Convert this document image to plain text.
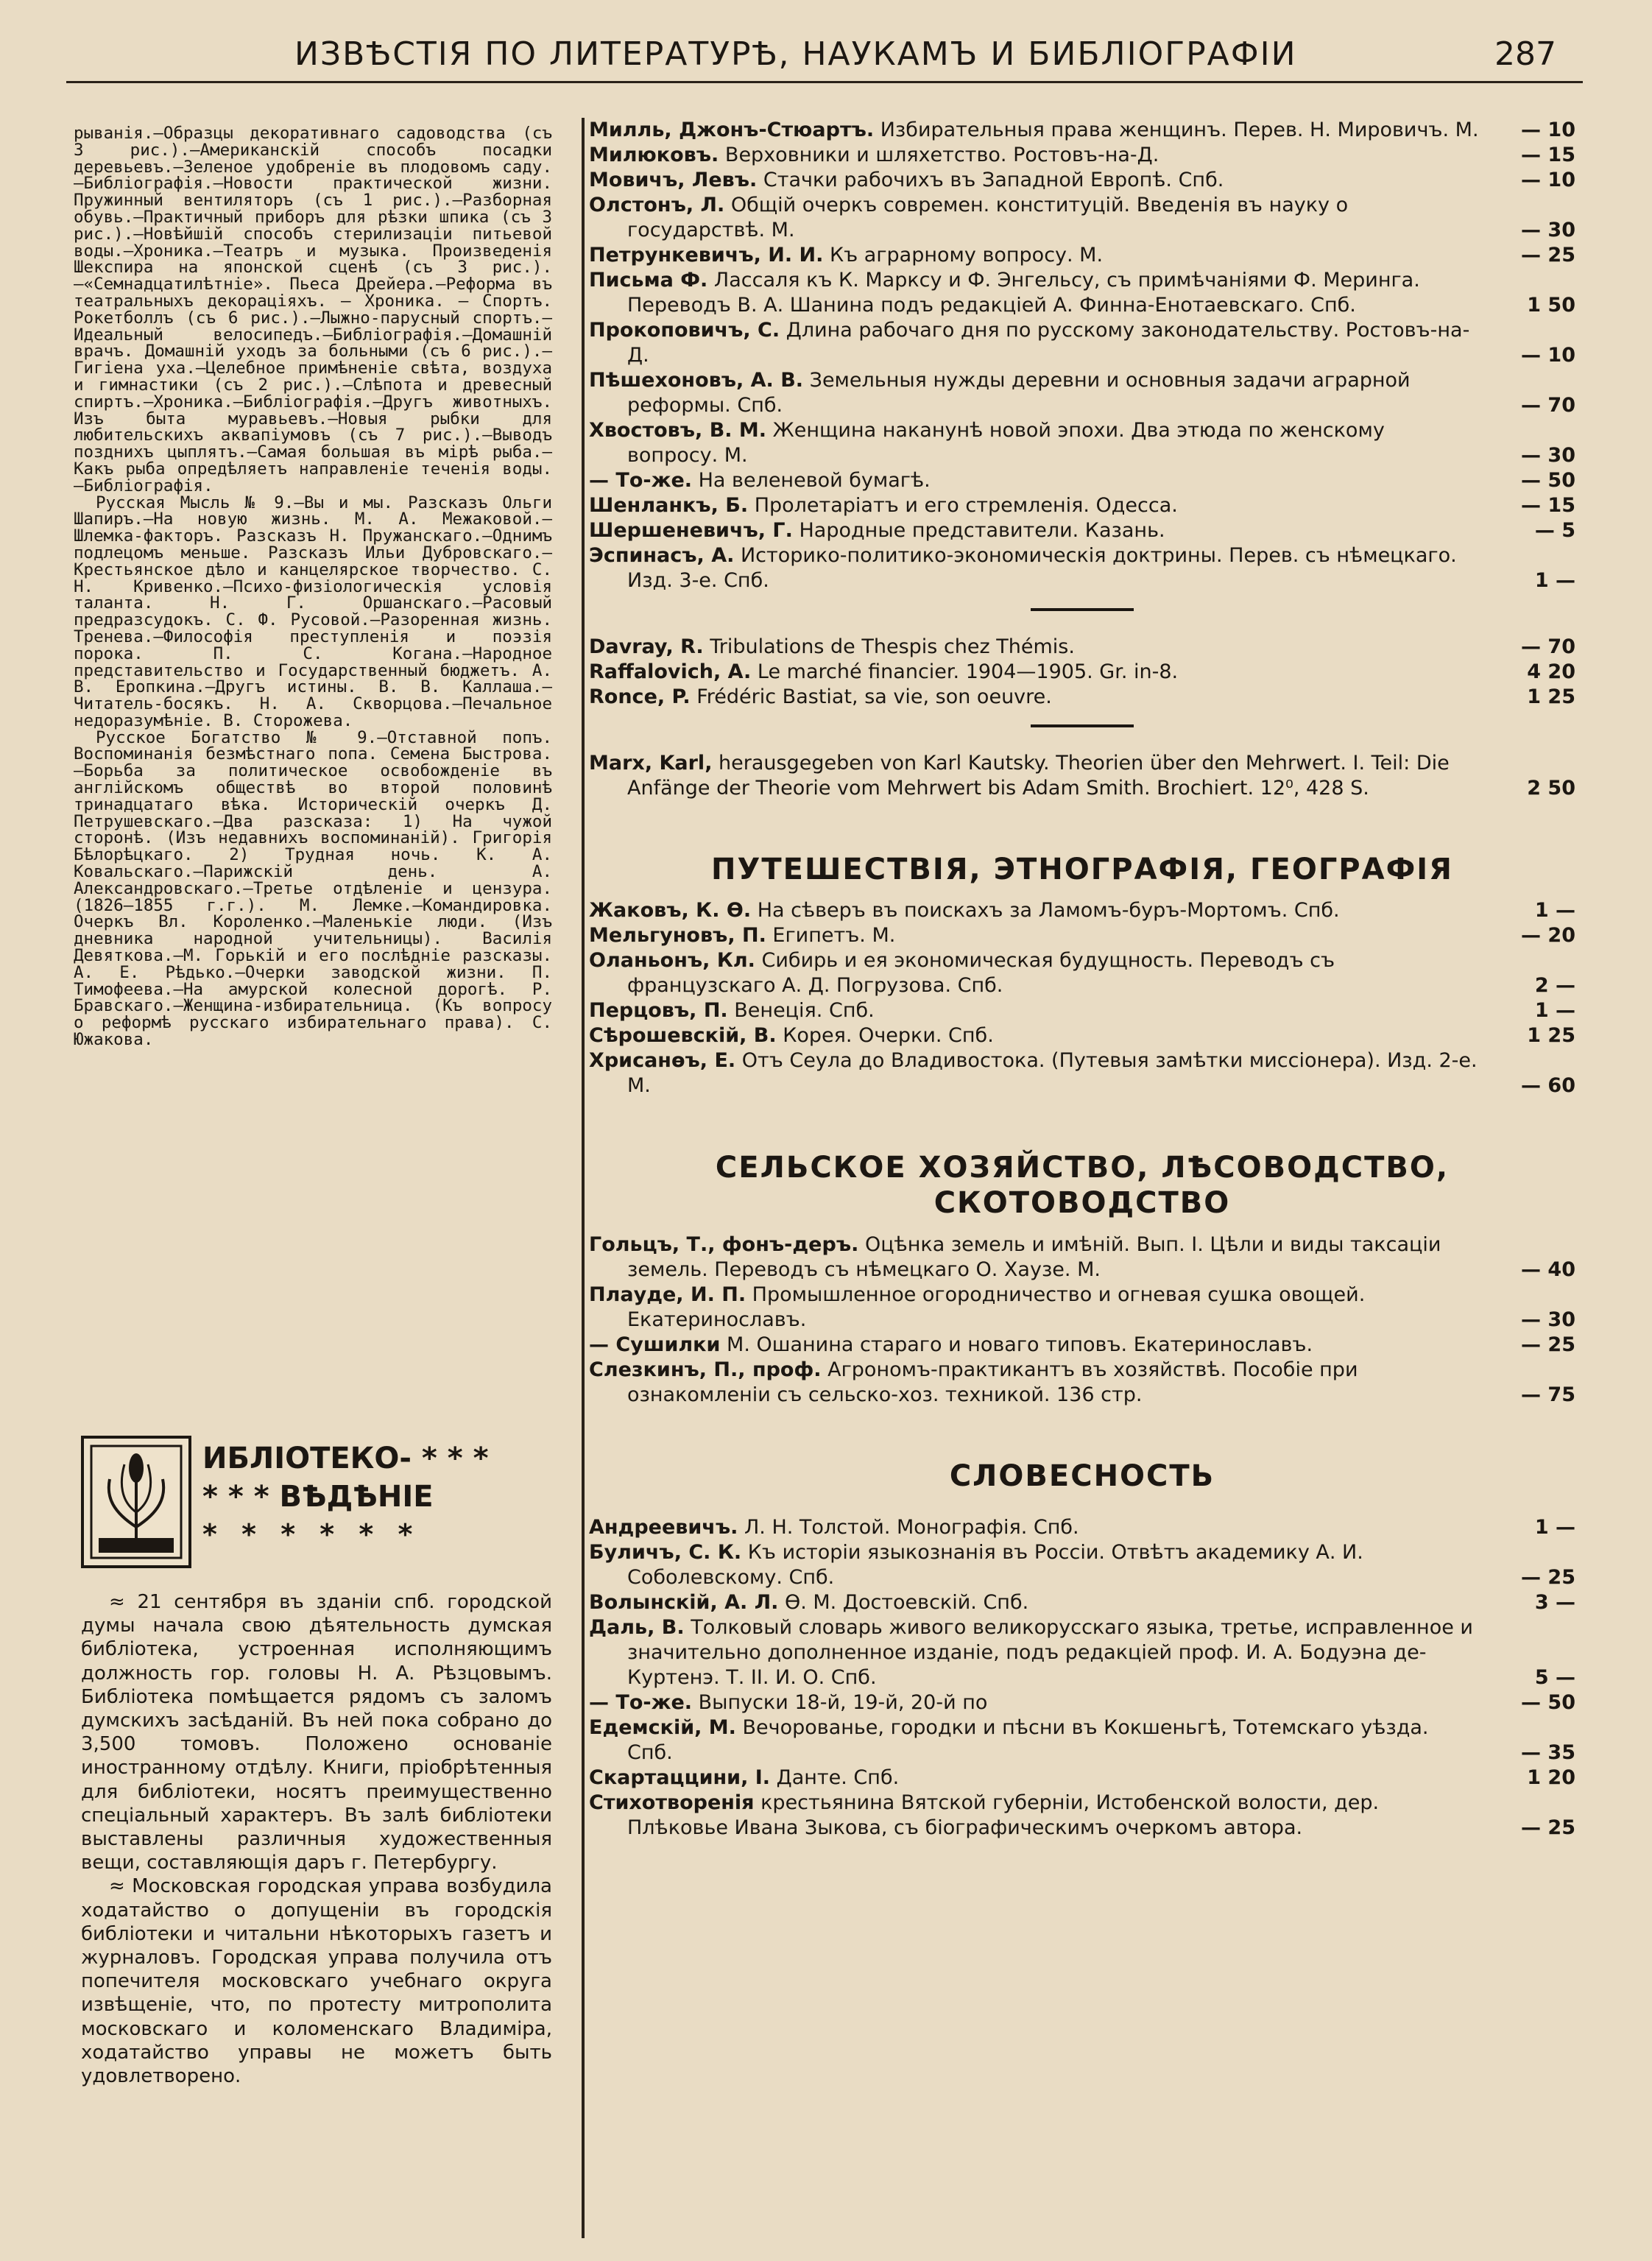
ИЗВѢСТІЯ ПО ЛИТЕРАТУРѢ, НАУКАМЪ И БИБЛІОГРАФІИ	287

рыванія.—Образцы декоративнаго садоводства (съ 3 рис.).—Американскій способъ посадки деревьевъ.—Зеленое удобреніе въ плодовомъ саду.—Библіографія.—Новости практической жизни. Пружинный вентиляторъ (съ 1 рис.).—Разборная обувь.—Практичный приборъ для рѣзки шпика (съ 3 рис.).—Новѣйшій способъ стерилизаціи питьевой воды.—Хроника.—Театръ и музыка. Произведенія Шекспира на японской сценѣ (съ 3 рис.).—«Семнадцатилѣтніе». Пьеса Дрейера.—Реформа въ театральныхъ декораціяхъ. — Хроника. — Спортъ. Рокетболлъ (съ 6 рис.).—Лыжно-парусный спортъ.—Идеальный велосипедъ.—Библіографія.—Домашній врачъ. Домашній уходъ за больными (съ 6 рис.).—Гигіена уха.—Целебное примѣненіе свѣта, воздуха и гимнастики (съ 2 рис.).—Слѣпота и древесный спиртъ.—Хроника.—Библіографія.—Другъ животныхъ. Изъ быта муравьевъ.—Новыя рыбки для любительскихъ аквапіумовъ (съ 7 рис.).—Выводъ позднихъ цыплятъ.—Самая большая въ мірѣ рыба.—Какъ рыба опредѣляетъ направленіе теченія воды.—Библіографія.

Русская Мысль № 9.—Вы и мы. Разсказъ Ольги Шапиръ.—На новую жизнь. М. А. Межаковой.—Шлемка-факторъ. Разсказъ Н. Пружанскаго.—Однимъ подлецомъ меньше. Разсказъ Ильи Дубровскаго.—Крестьянское дѣло и канцелярское творчество. С. Н. Кривенко.—Психо-физіологическія условія таланта. Н. Г. Оршанскаго.—Расовый предразсудокъ. С. Ф. Русовой.—Разоренная жизнь. Тренева.—Философія преступленія и поэзія порока. П. С. Когана.—Народное представительство и Государственный бюджетъ. А. В. Еропкина.—Другъ истины. В. В. Каллаша.—Читатель-босякъ. Н. А. Скворцова.—Печальное недоразумѣніе. В. Сторожева.

Русское Богатство № 9.—Отставной попъ. Воспоминанія безмѣстнаго попа. Семена Быстрова.—Борьба за политическое освобожденіе въ англійскомъ обществѣ во второй половинѣ тринадцатаго вѣка. Историческій очеркъ Д. Петрушевскаго.—Два разсказа: 1) На чужой сторонѣ. (Изъ недавнихъ воспоминаній). Григорія Бѣлорѣцкаго. 2) Трудная ночь. К. А. Ковальскаго.—Парижскій день. А. Александровскаго.—Третье отдѣленіе и цензура. (1826—1855 г.г.). М. Лемке.—Командировка. Очеркъ Вл. Короленко.—Маленькіе люди. (Изъ дневника народной учительницы). Василія Девяткова.—М. Горькій и его послѣдніе разсказы. А. Е. Рѣдько.—Очерки заводской жизни. П. Тимофеева.—На амурской колесной дорогѣ. Р. Бравскаго.—Женщина-избирательница. (Къ вопросу о реформѣ русскаго избирательнаго права). С. Южакова.

ИБЛІОТЕКО- * * *
* * * ВѢДѢНІЕ
* * * * * *

≈ 21 сентября въ зданіи спб. городской думы начала свою дѣятельность думская библіотека, устроенная исполняющимъ должность гор. головы Н. А. Рѣзцовымъ. Библіотека помѣщается рядомъ съ заломъ думскихъ засѣданій. Въ ней пока собрано до 3,500 томовъ. Положено основаніе иностранному отдѣлу. Книги, пріобрѣтенныя для библіотеки, носятъ преимущественно спеціальный характеръ. Въ залѣ библіотеки выставлены различныя художественныя вещи, составляющія даръ г. Петербургу.

≈ Московская городская управа возбудила ходатайство о допущеніи въ городскія библіотеки и читальни нѣкоторыхъ газетъ и журналовъ. Городская управа получила отъ попечителя московскаго учебнаго округа извѣщеніе, что, по протесту митрополита московскаго и коломенскаго Владиміра, ходатайство управы не можетъ быть удовлетворено.

Милль, Джонъ-Стюартъ. Избирательныя права женщинъ. Перев. Н. Мировичъ. М.	— 10
Милюковъ. Верховники и шляхетство. Ростовъ-на-Д.	— 15
Мовичъ, Левъ. Стачки рабочихъ въ Западной Европѣ. Спб.	— 10
Олстонъ, Л. Общій очеркъ современ. конституцій. Введенія въ науку о государствѣ. М.	— 30
Петрункевичъ, И. И. Къ аграрному вопросу. М.	— 25
Письма Ф. Лассаля къ К. Марксу и Ф. Энгельсу, съ примѣчаніями Ф. Меринга. Переводъ В. А. Шанина подъ редакціей А. Финна-Енотаевскаго. Спб.	1 50
Прокоповичъ, С. Длина рабочаго дня по русскому законодательству. Ростовъ-на-Д.	— 10
Пѣшехоновъ, А. В. Земельныя нужды деревни и основныя задачи аграрной реформы. Спб.	— 70
Хвостовъ, В. М. Женщина наканунѣ новой эпохи. Два этюда по женскому вопросу. М.	— 30
— То-же. На веленевой бумагѣ.	— 50
Шенланкъ, Б. Пролетаріатъ и его стремленія. Одесса.	— 15
Шершеневичъ, Г. Народные представители. Казань.	— 5
Эспинасъ, А. Историко-политико-экономическія доктрины. Перев. съ нѣмецкаго. Изд. 3-е. Спб.	1 —
Davray, R. Tribulations de Thespis chez Thémis.	— 70
Raffalovich, A. Le marché financier. 1904—1905. Gr. in-8.	4 20
Ronce, P. Frédéric Bastiat, sa vie, son oeuvre.	1 25
Marx, Karl, herausgegeben von Karl Kautsky. Theorien über den Mehrwert. I. Teil: Die Anfänge der Theorie vom Mehrwert bis Adam Smith. Brochiert. 12⁰, 428 S.	2 50
ПУТЕШЕСТВІЯ, ЭТНОГРАФІЯ, ГЕОГРАФІЯ
Жаковъ, К. Ѳ. На сѣверъ въ поискахъ за Ламомъ-буръ-Мортомъ. Спб.	1 —
Мельгуновъ, П. Египетъ. М.	— 20
Оланьонъ, Кл. Сибирь и ея экономическая будущность. Переводъ съ французскаго А. Д. Погрузова. Спб.	2 —
Перцовъ, П. Венеція. Спб.	1 —
Сѣрошевскій, В. Корея. Очерки. Спб.	1 25
Хрисанѳъ, Е. Отъ Сеула до Владивостока. (Путевыя замѣтки миссіонера). Изд. 2-е. М.	— 60
СЕЛЬСКОЕ ХОЗЯЙСТВО, ЛѢСОВОДСТВО, СКОТОВОДСТВО
Гольцъ, Т., фонъ-деръ. Оцѣнка земель и имѣній. Вып. I. Цѣли и виды таксаціи земель. Переводъ съ нѣмецкаго О. Хаузе. М.	— 40
Плауде, И. П. Промышленное огородничество и огневая сушка овощей. Екатеринославъ.	— 30
— Сушилки М. Ошанина стараго и новаго типовъ. Екатеринославъ.	— 25
Слезкинъ, П., проф. Агрономъ-практикантъ въ хозяйствѣ. Пособіе при ознакомленіи съ сельско-хоз. техникой. 136 стр.	— 75
СЛОВЕСНОСТЬ
Андреевичъ. Л. Н. Толстой. Монографія. Спб.	1 —
Буличъ, С. К. Къ исторіи языкознанія въ Россіи. Отвѣтъ академику А. И. Соболевскому. Спб.	— 25
Волынскій, А. Л. Ѳ. М. Достоевскій. Спб.	3 —
Даль, В. Толковый словарь живого великорусскаго языка, третье, исправленное и значительно дополненное изданіе, подъ редакціей проф. И. А. Бодуэна де-Куртенэ. Т. II. И. О. Спб.	5 —
— То-же. Выпуски 18-й, 19-й, 20-й по	— 50
Едемскій, М. Вечорованье, городки и пѣсни въ Кокшеньгѣ, Тотемскаго уѣзда. Спб.	— 35
Скартаццини, І. Данте. Спб.	1 20
Стихотворенія крестьянина Вятской губерніи, Истобенской волости, дер. Плѣковье Ивана Зыкова, съ біографическимъ очеркомъ автора.	— 25
